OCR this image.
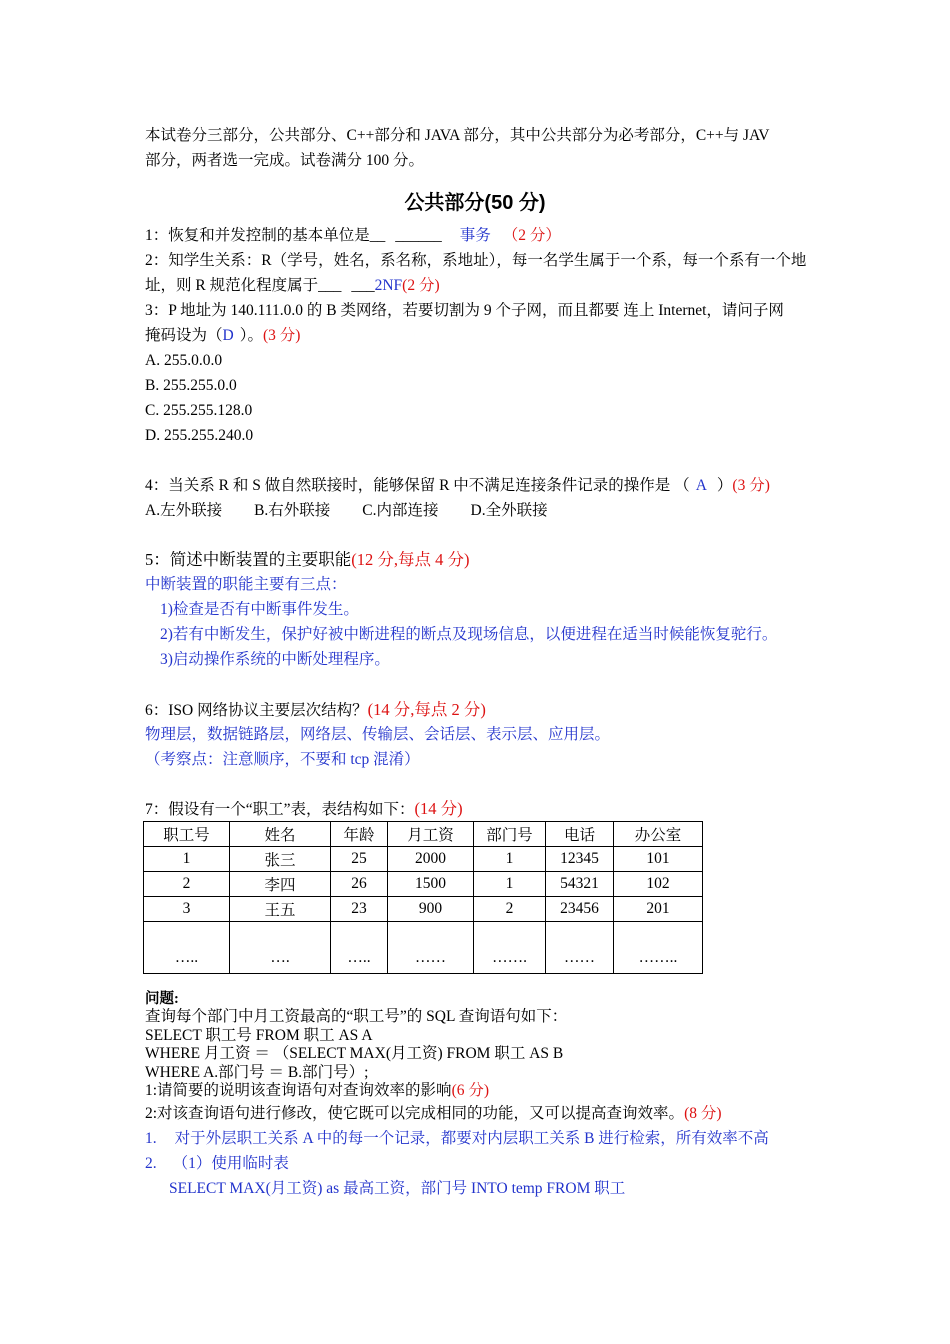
本试卷分三部分，公共部分、C++部分和 JAVA 部分，其中公共部分为必考部分，C++与 JAV
部分，两者选一完成。试卷满分 100 分。
公共部分(50 分)
1：恢复和并发控制的基本单位是__ ______ 事务 （2 分）
2：知学生关系：R（学号，姓名，系名称，系地址），每一名学生属于一个系，每一个系有一个地
址，则 R 规范化程度属于___ ___2NF(2 分)
3：P 地址为 140.111.0.0 的 B 类网络，若要切割为 9 个子网，而且都要 连上 Internet，请问子网
掩码设为（D ）。(3 分)
A. 255.0.0.0
B. 255.255.0.0
C. 255.255.128.0
D. 255.255.240.0
4：当关系 R 和 S 做自然联接时，能够保留 R 中不满足连接条件记录的操作是 （ A ）(3 分)
A.左外联接 B.右外联接 C.内部连接 D.全外联接
5：简述中断装置的主要职能(12 分,每点 4 分)
中断装置的职能主要有三点：
1)检查是否有中断事件发生。
2)若有中断发生，保护好被中断进程的断点及现场信息，以便进程在适当时候能恢复驼行。
3)启动操作系统的中断处理程序。
6：ISO 网络协议主要层次结构？(14 分,每点 2 分)
物理层，数据链路层，网络层、传输层、会话层、表示层、应用层。
（考察点：注意顺序，不要和 tcp 混淆）
7：假设有一个“职工”表，表结构如下：(14 分)
职工号	姓名	年龄	月工资	部门号	电话	办公室
1	张三	25	2000	1	12345	101
2	李四	26	1500	1	54321	102
3	王五	23	900	2	23456	201
…..	….	…..	……	…….	……	……..
问题:
查询每个部门中月工资最高的“职工号”的 SQL 查询语句如下：
SELECT 职工号 FROM 职工 AS A
WHERE 月工资 ＝ （SELECT MAX(月工资) FROM 职工 AS B
WHERE A.部门号 ＝ B.部门号）;
1:请简要的说明该查询语句对查询效率的影响(6 分)
2:对该查询语句进行修改，使它既可以完成相同的功能，又可以提高查询效率。(8 分)
1. 对于外层职工关系 A 中的每一个记录，都要对内层职工关系 B 进行检索，所有效率不高
2. （1）使用临时表
SELECT MAX(月工资) as 最高工资，部门号 INTO temp FROM 职工
